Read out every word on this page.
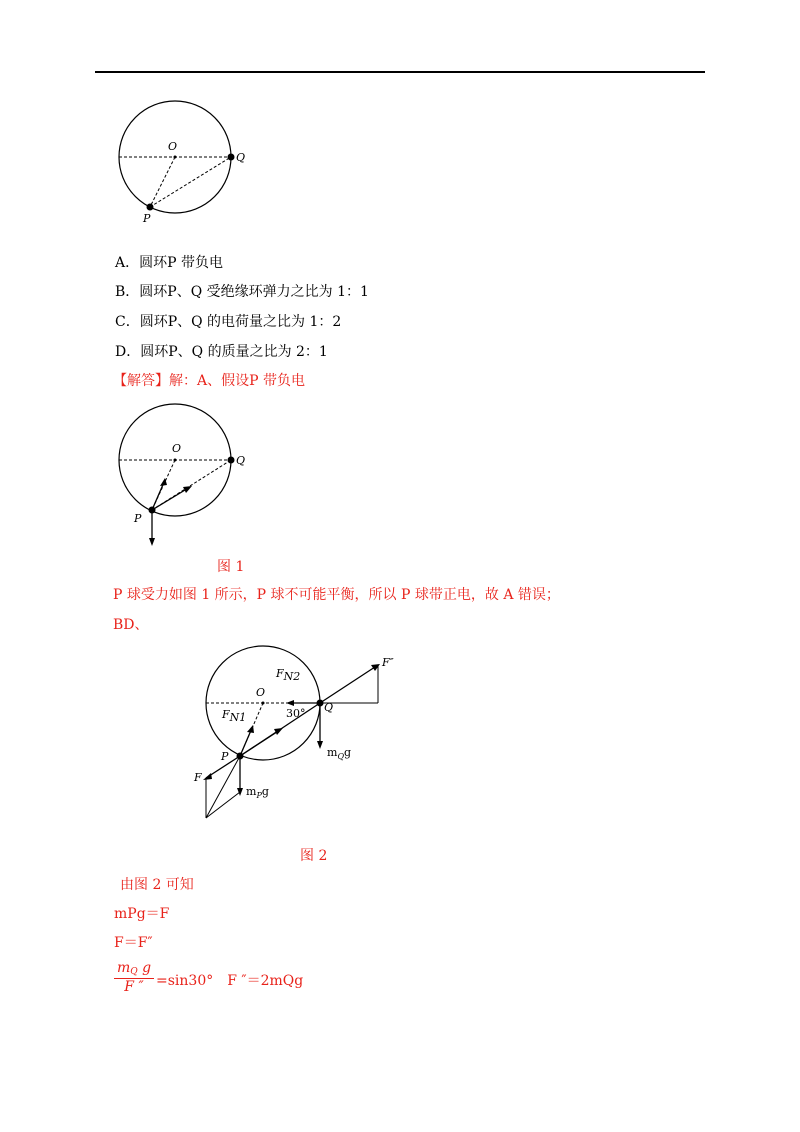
O
Q
P
A．圆环P 带负电
B．圆环P、Q 受绝缘环弹力之比为 1：1
C．圆环P、Q 的电荷量之比为 1：2
D．圆环P、Q 的质量之比为 2：1
【解答】解：A、假设P 带负电
O
Q
P
图 1
P 球受力如图 1 所示，P 球不可能平衡，所以 P 球带正电，故 A 错误；
BD、
O
Q
P
FN2
FN1	30°
F″
F
$m_Qg$
$m_Pg$
图 2
由图 2 可知
mPg＝F
F＝F″
$\frac{m_Q g}{F ''} =\sin 30^\circ$　F ″＝2mQg
